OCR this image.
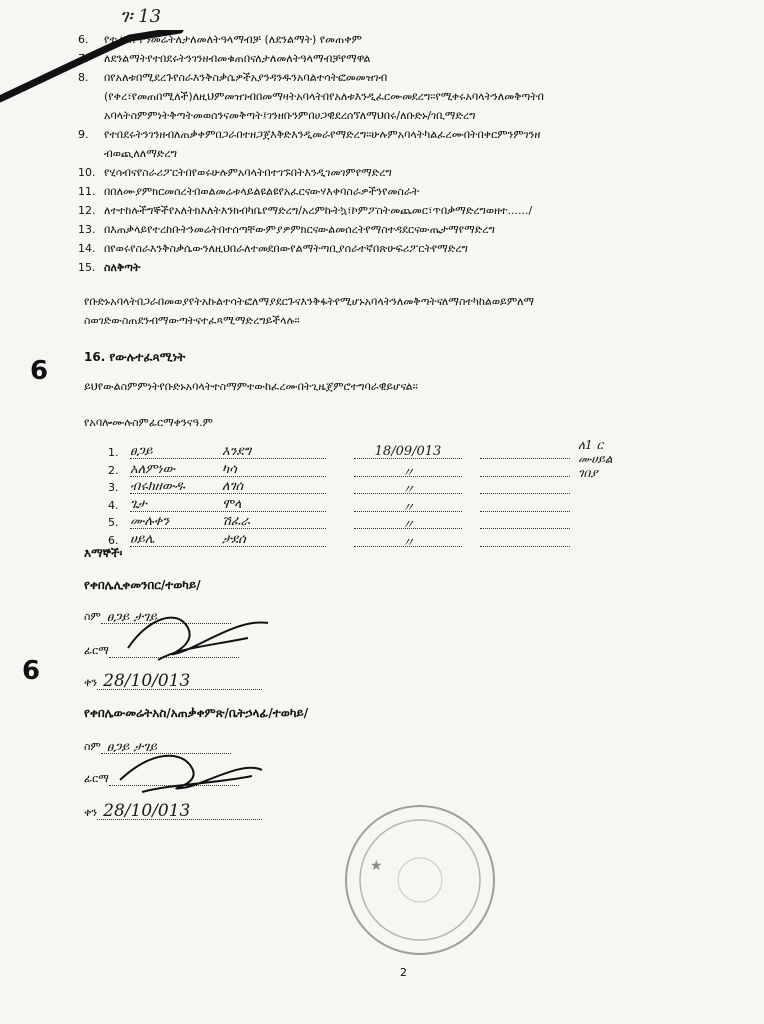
ገ፡ 13
6. የተረከቡትንመሬትለታለመለትዓላማብቻ (ለደንልማት) የመጠቀም
7. ለደንልማትየተበደሩትንገንዘብመቁጠበናለታለመለትዓላማብቻየማዋል
8. በየአለቱበሚደረጉየስራእንቅስቃሴዎችአያንዳንዱንአባልተሳትፎመመዝገብ
(የቀረ፣የመጠበሚለች)ለዚህምመዝገብበመማዛትአባላትበየአለቱእንዲፈርሙመደረግ፡፡የሚቀሩአባላትንለመቅጣትበ
አባላትስምምነትቅጣትመወሰንናመቅጣት፤ገንዘቡንምበሀጋዊደረሰኘለማህበሩ/ለቡድኑ/ገቢማድረግ
9. የተበደሩትንገንዘብለጠቃቀምበጋራበተዘጋጀእቅድእንዲመራየማድረግ፡፡ሁሉምአባላትካልፈረሙበትበቀርምንምገንዘ
ብወጪለለማድረግ
10. የሂሳብናየስራሪፖርትበየወሩሁሉምአባላትበተገኙበትእንዲገመገምየማድረግ
11. በበለሙያምክርመሰረትበወልመሬቱላይልዩልዩየአፈርናውሃእቀባስራዎችንየመስራት
12. ለተተከሉችግኞችየአለትክእለትእንክብካቤየማድረግ/አረምኩትኳ፣ኮምፖስትመጨመር፣ጥበቃማድረግወዘተ....../
13. በእጠቃላይየተረከቡትንመሬትበተሰጣቸውምያዎምክርናውልመሰረትየማስተዳደርናውጤታማየማድረግ
14. በየወሩየስራእንቅስቃሴውንለዚህበራለተመደበውየልማትጣቢያሰራተኛበጽሁፍሪፖርትየማድረግ
15. ስለቅጣት
የቡድኑአባላትበጋራበመወያየትአኩልተሳትፎለማያደርጉናእንቅፋትየሚሆኑአባላትንለመቅጣትናለማስተካከልወይምለማ ስወገድውስጠደንብማውጣትናተፈጻሚማድረግይችላሉ፡፡
6	16. የውሉተፈጻሚነት
ይህየውልስምምነትየቡድኑአባላትተስማምተውከፈረሙበትጊዜጀምሮተግባራዊይሆናል፡፡
የአባሎሙሉስምፊርማቀንናዓ.ም
1. ፀጋይ	እንደግ	18/09/013
2. አለምነው	ካሳ	〃
3. ብሩክዘውዱ	ለገሰ	〃
4. ጌታ	ሞላ	〃
5. ሙሉቀን	ሽፈራ	〃
6. ሀይሌ	ታደሰ	〃
ለ1 ር
ሙሀይል
ገበያ
እማኞች፡
6
የቀበሌሊቀመንበር/ተወካይ/
ስም ፀጋይ ታገይ
ፊርማ
ቀን 28/10/013
የቀበሌውመሬትአስ/አጠቃቀምጽ/ቤትኃላፊ/ተወካይ/
ስም ፀጋይ ታገይ
ፊርማ
ቀን 28/10/013
★
2
